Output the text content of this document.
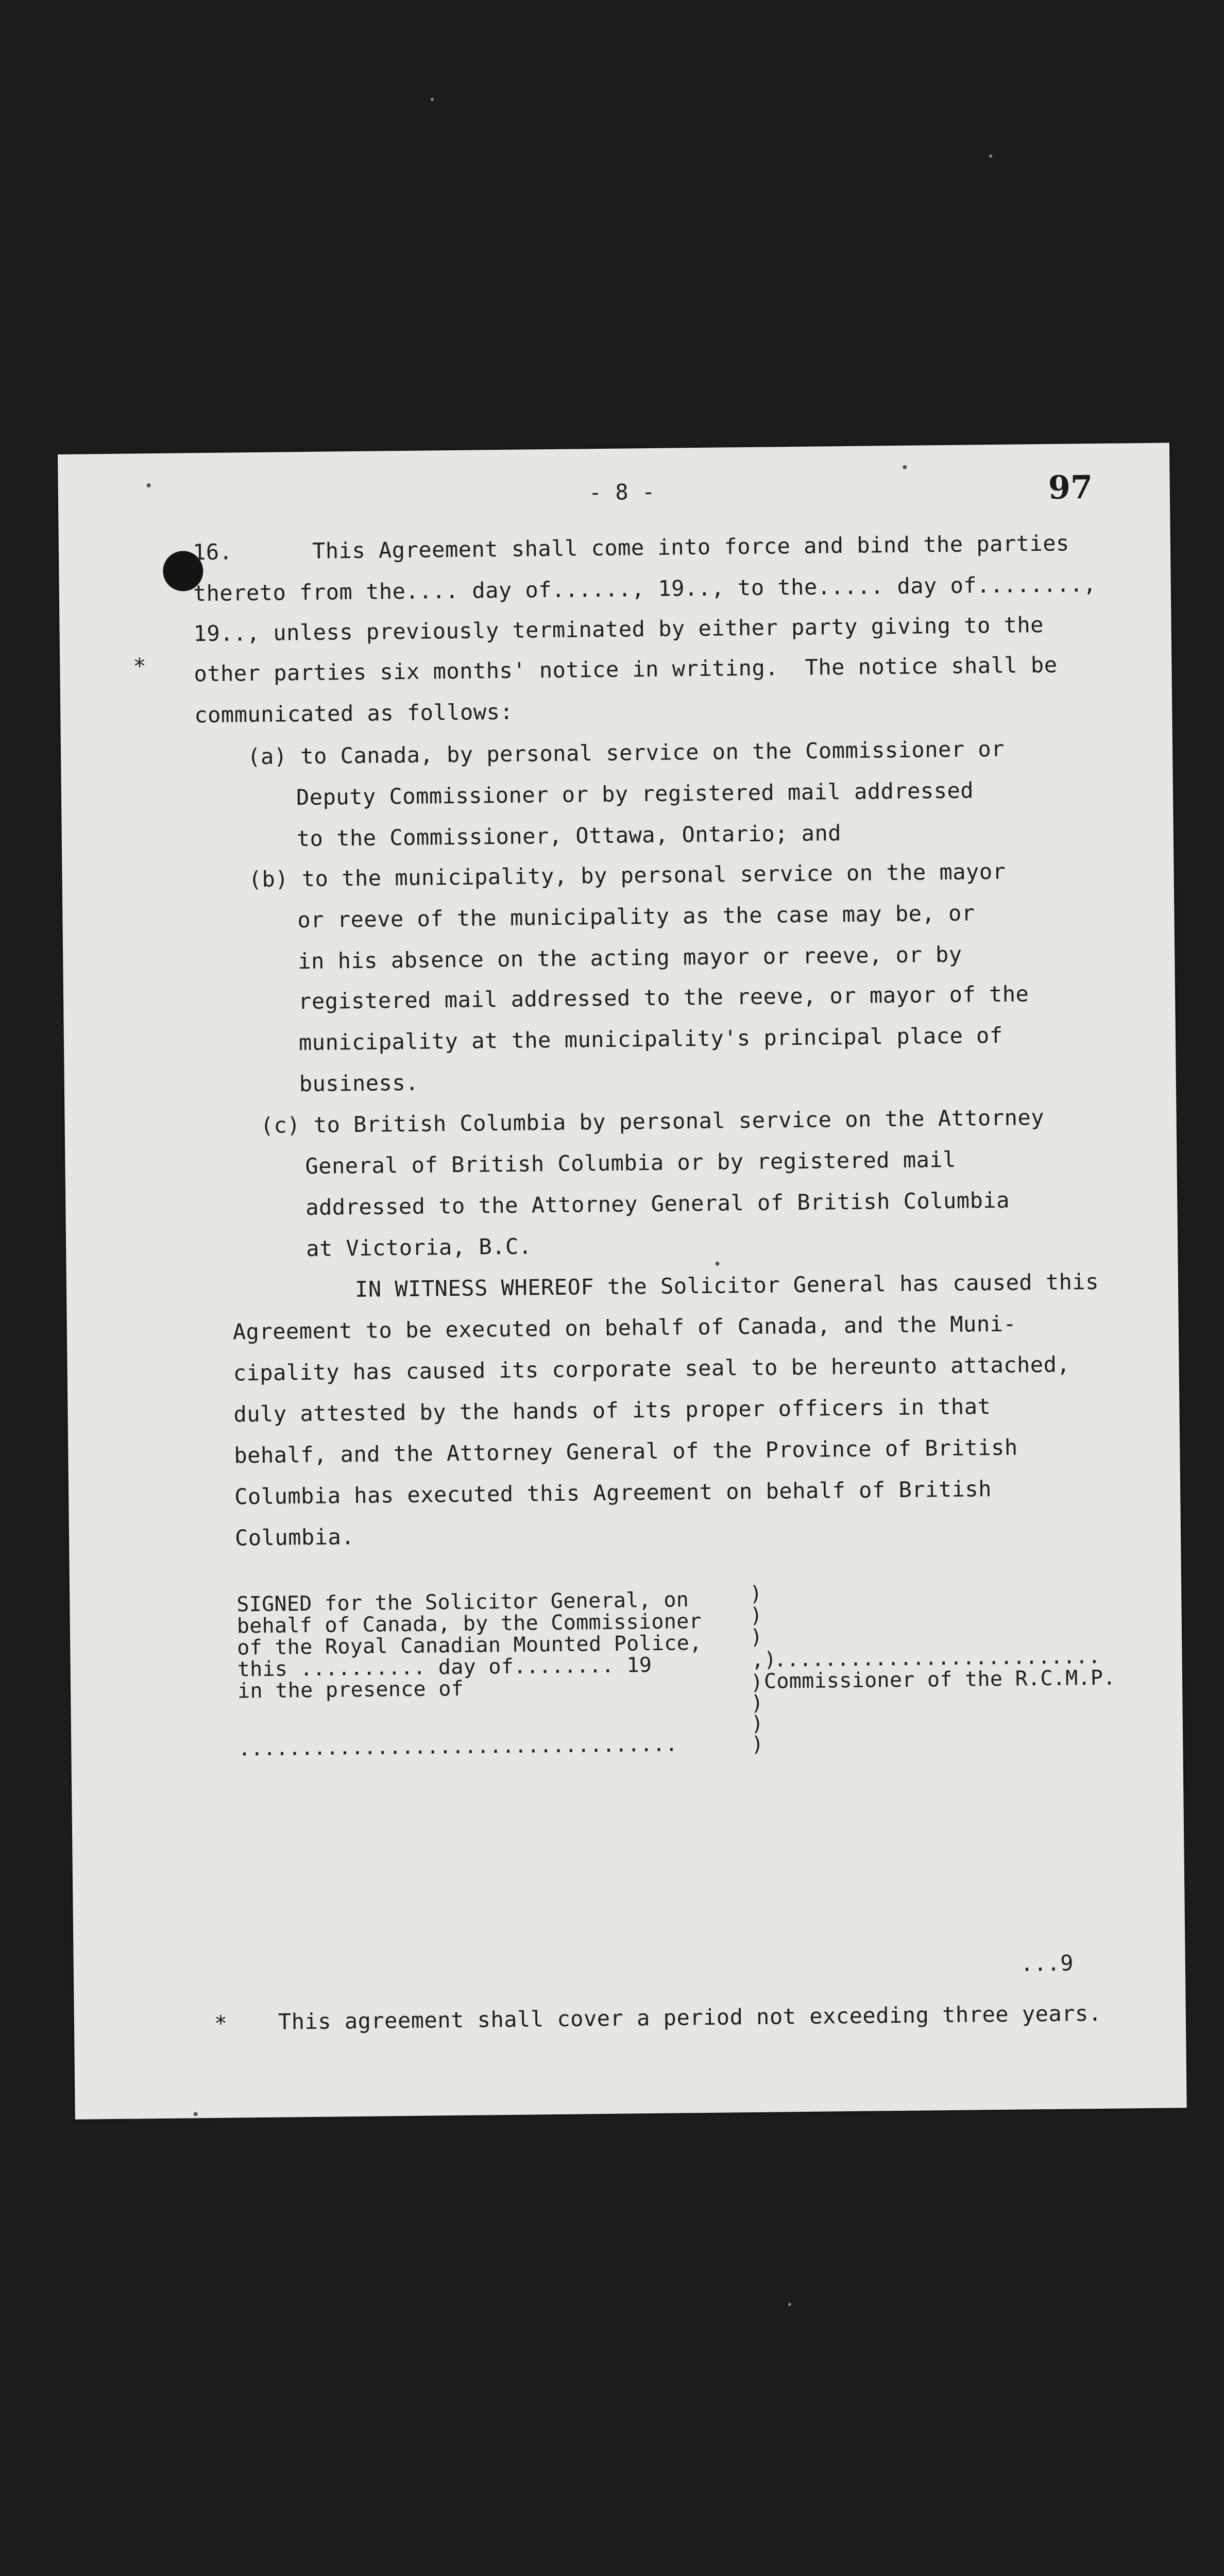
- 8 -	97
16.      This Agreement shall come into force and bind the parties
thereto from the.... day of......, 19.., to the..... day of........,
19.., unless previously terminated by either party giving to the
* other parties six months' notice in writing.  The notice shall be
communicated as follows:
(a) to Canada, by personal service on the Commissioner or
Deputy Commissioner or by registered mail addressed
to the Commissioner, Ottawa, Ontario; and
(b) to the municipality, by personal service on the mayor
or reeve of the municipality as the case may be, or
in his absence on the acting mayor or reeve, or by
registered mail addressed to the reeve, or mayor of the
municipality at the municipality's principal place of
business.
(c) to British Columbia by personal service on the Attorney
General of British Columbia or by registered mail
addressed to the Attorney General of British Columbia
at Victoria, B.C.
IN WITNESS WHEREOF the Solicitor General has caused this
Agreement to be executed on behalf of Canada, and the Muni-
cipality has caused its corporate seal to be hereunto attached,
duly attested by the hands of its proper officers in that
behalf, and the Attorney General of the Province of British
Columbia has executed this Agreement on behalf of British
Columbia.
SIGNED for the Solicitor General, on
behalf of Canada, by the Commissioner
of the Royal Canadian Mounted Police,
this .......... day of........ 19
in the presence of
...................................
)
)
)
,)
)
)
)
)
..........................
Commissioner of the R.C.M.P.
...9
* This agreement shall cover a period not exceeding three years.
